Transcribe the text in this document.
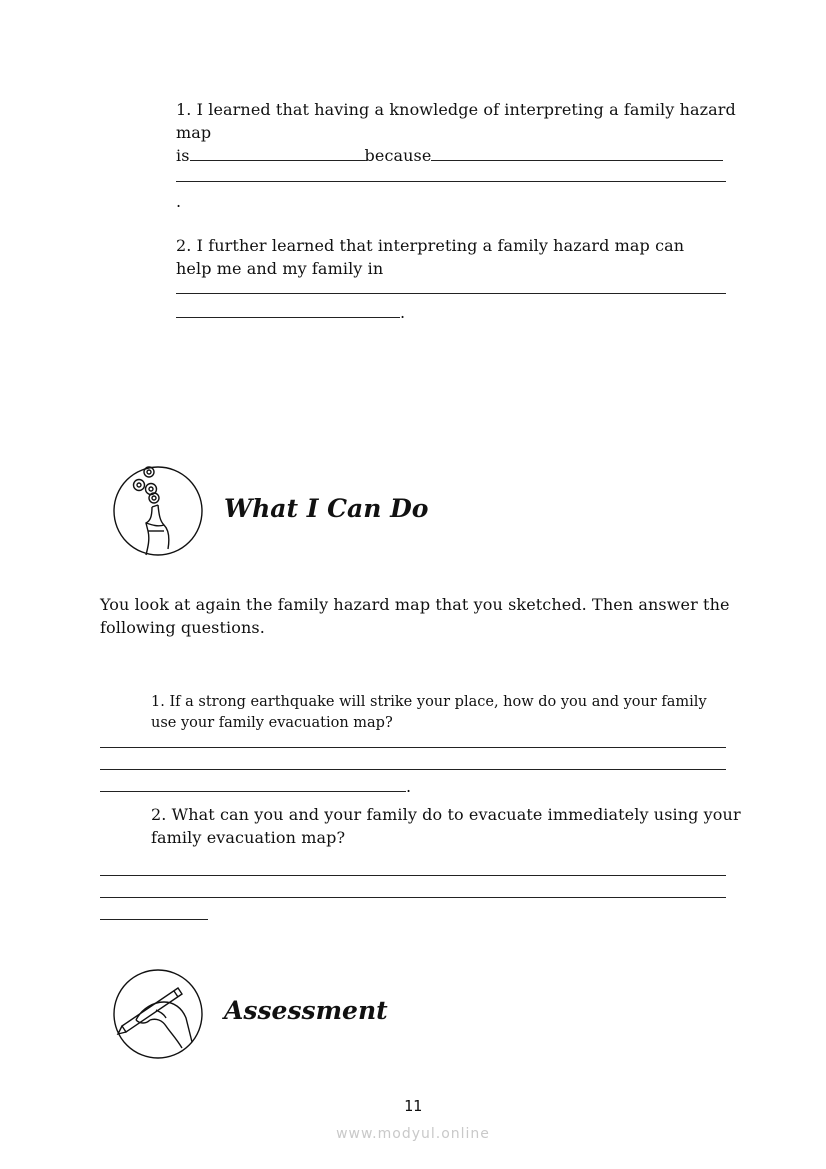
1. I learned that having a knowledge of interpreting a family hazard
map
is	because
.
2. I further learned that interpreting a family hazard map can
help me and my family in
.
What I Can Do
You look at again the family hazard map that you sketched. Then answer the
following questions.
1. If a strong earthquake will strike your place, how do you and your family
use your family evacuation map?
.
2. What can you and your family do to evacuate immediately using your
family evacuation map?
Assessment
11
www.modyul.online
